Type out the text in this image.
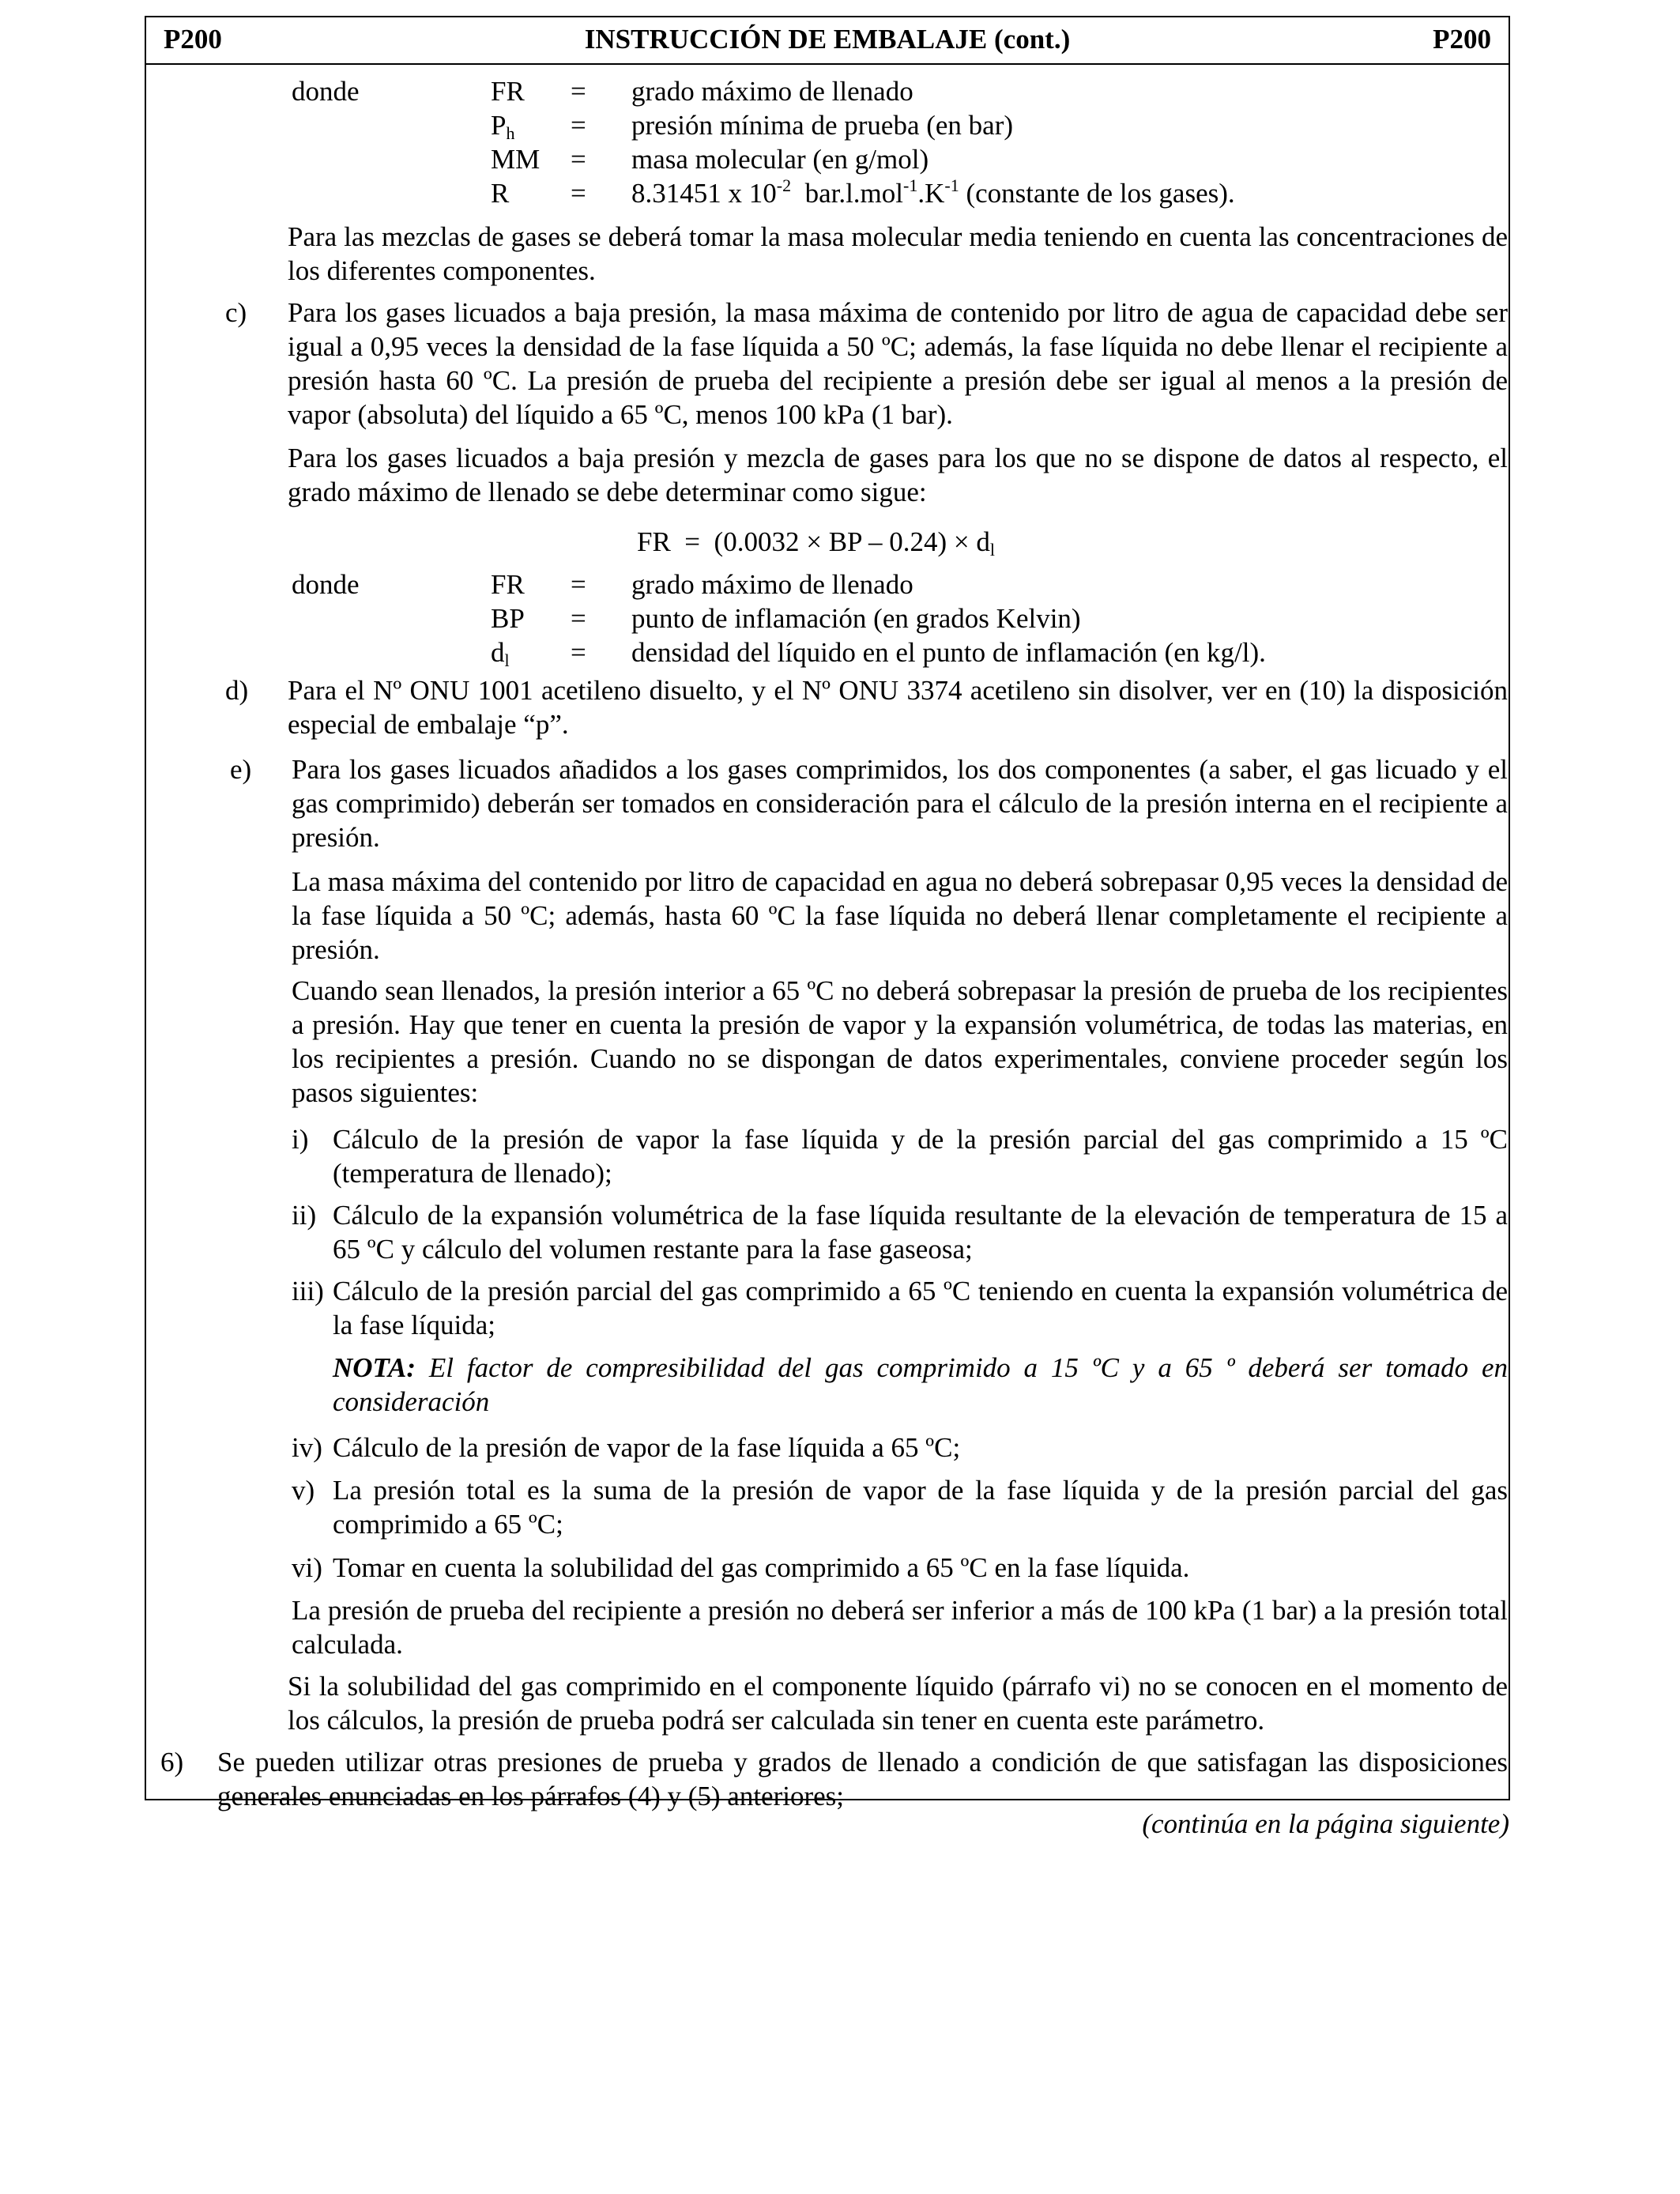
P200	INSTRUCCIÓN DE EMBALAJE (cont.)	P200
donde	FR = grado máximo de llenado
$P_h$ = presión mínima de prueba (en bar)
MM = masa molecular (en g/mol)
R = 8.31451 x $10^{-2}$  $bar.l.mol^{-1}.K^{-1}$ (constante de los gases).
Para las mezclas de gases se deberá tomar la masa molecular media teniendo en cuenta las concentraciones de los diferentes componentes.
c) Para los gases licuados a baja presión, la masa máxima de contenido por litro de agua de capacidad debe ser igual a 0,95 veces la densidad de la fase líquida a 50 ºC; además, la fase líquida no debe llenar el recipiente a presión hasta 60 ºC. La presión de prueba del recipiente a presión debe ser igual al menos a la presión de vapor (absoluta) del líquido a 65 ºC, menos 100 kPa (1 bar).
Para los gases licuados a baja presión y mezcla de gases para los que no se dispone de datos al respecto, el grado máximo de llenado se debe determinar como sigue:
FR  =  (0.0032 × BP – $0.24) \times d_l$
donde	FR = grado máximo de llenado
BP = punto de inflamación (en grados Kelvin)
$d_l$ = densidad del líquido en el punto de inflamación (en kg/l).
d) Para el Nº ONU 1001 acetileno disuelto, y el Nº ONU 3374 acetileno sin disolver, ver en (10) la disposición especial de embalaje “p”.
e) Para los gases licuados añadidos a los gases comprimidos, los dos componentes (a saber, el gas licuado y el gas comprimido) deberán ser tomados en consideración para el cálculo de la presión interna en el recipiente a presión.
La masa máxima del contenido por litro de capacidad en agua no deberá sobrepasar 0,95 veces la densidad de la fase líquida a 50 ºC; además, hasta 60 ºC la fase líquida no deberá llenar completamente el recipiente a presión.
Cuando sean llenados, la presión interior a 65 ºC no deberá sobrepasar la presión de prueba de los recipientes a presión. Hay que tener en cuenta la presión de vapor y la expansión volumétrica, de todas las materias, en los recipientes a presión. Cuando no se dispongan de datos experimentales, conviene proceder según los pasos siguientes:
i) Cálculo de la presión de vapor la fase líquida y de la presión parcial del gas comprimido a 15 ºC (temperatura de llenado);
ii) Cálculo de la expansión volumétrica de la fase líquida resultante de la elevación de temperatura de 15 a 65 ºC y cálculo del volumen restante para la fase gaseosa;
iii) Cálculo de la presión parcial del gas comprimido a 65 ºC teniendo en cuenta la expansión volumétrica de la fase líquida;
NOTA: El factor de compresibilidad del gas comprimido a 15 ºC y a 65 º deberá ser tomado en consideración
iv) Cálculo de la presión de vapor de la fase líquida a 65 ºC;
v) La presión total es la suma de la presión de vapor de la fase líquida y de la presión parcial del gas comprimido a 65 ºC;
vi) Tomar en cuenta la solubilidad del gas comprimido a 65 ºC en la fase líquida.
La presión de prueba del recipiente a presión no deberá ser inferior a más de 100 kPa (1 bar) a la presión total calculada.
Si la solubilidad del gas comprimido en el componente líquido (párrafo vi) no se conocen en el momento de los cálculos, la presión de prueba podrá ser calculada sin tener en cuenta este parámetro.
6) Se pueden utilizar otras presiones de prueba y grados de llenado a condición de que satisfagan las disposiciones generales enunciadas en los párrafos (4) y (5) anteriores;
(continúa en la página siguiente)
